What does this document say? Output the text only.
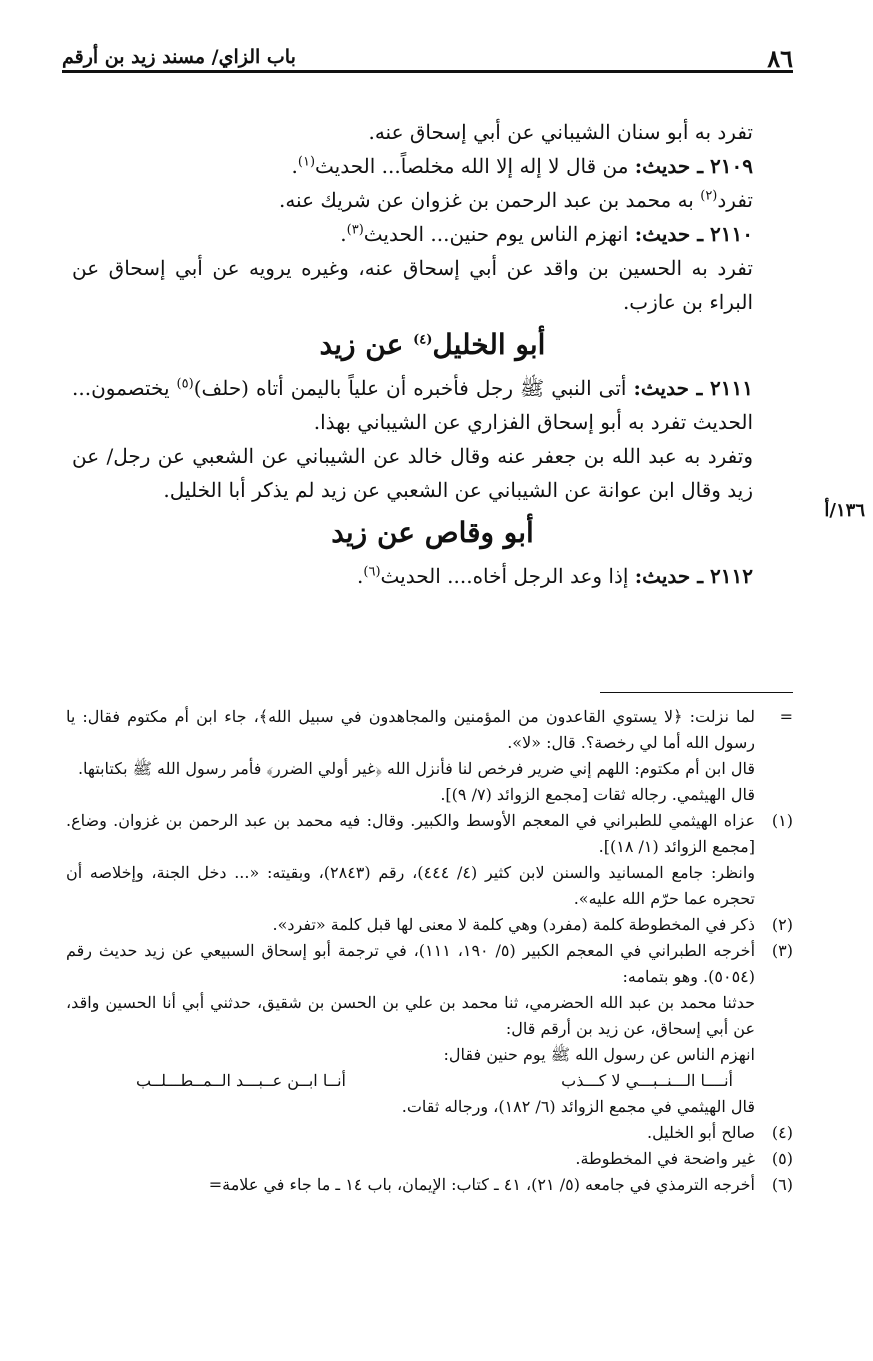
٨٦
باب الزاي/ مسند زيد بن أرقم

تفرد به أبو سنان الشيباني عن أبي إسحاق عنه.

٢١٠٩ ـ حديث: من قال لا إله إلا الله مخلصاً... الحديث$^{(١)}$.

تفرد$^{(٢)}$ به محمد بن عبد الرحمن بن غزوان عن شريك عنه.

٢١١٠ ـ حديث: انهزم الناس يوم حنين... الحديث$^{(٣)}$.

تفرد به الحسين بن واقد عن أبي إسحاق عنه، وغيره يرويه عن أبي إسحاق عن البراء بن عازب.

أبو الخليل$^{(٤)}$ عن زيد

٢١١١ ـ حديث: أتى النبي ﷺ رجل فأخبره أن علياً باليمن أتاه (حلف)$^{(٥)}$ يختصمون... الحديث تفرد به أبو إسحاق الفزاري عن الشيباني بهذا.

وتفرد به عبد الله بن جعفر عنه وقال خالد عن الشيباني عن الشعبي عن رجل/ عن زيد وقال ابن عوانة عن الشيباني عن الشعبي عن زيد لم يذكر أبا الخليل.

أبو وقاص عن زيد

٢١١٢ ـ حديث: إذا وعد الرجل أخاه.... الحديث$^{(٦)}$.

١٣٦/أ

=
لما نزلت: ﴿لا يستوي القاعدون من المؤمنين والمجاهدون في سبيل الله﴾، جاء ابن أم مكتوم فقال: يا رسول الله أما لي رخصة؟. قال: «لا».

قال ابن أم مكتوم: اللهم إني ضرير فرخص لنا فأنزل الله ﴿غير أولي الضرر﴾ فأمر رسول الله ﷺ بكتابتها.

قال الهيثمي. رجاله ثقات [مجمع الزوائد (٧/ ٩)].

(١)
عزاه الهيثمي للطبراني في المعجم الأوسط والكبير. وقال: فيه محمد بن عبد الرحمن بن غزوان. وضاع. [مجمع الزوائد (١/ ١٨)].

وانظر: جامع المسانيد والسنن لابن كثير (٤/ ٤٤٤)، رقم (٢٨٤٣)، وبقيته: «... دخل الجنة، وإخلاصه أن تحجره عما حرّم الله عليه».

(٢)
ذكر في المخطوطة كلمة (مفرد) وهي كلمة لا معنى لها قبل كلمة «تفرد».

(٣)
أخرجه الطبراني في المعجم الكبير (٥/ ١٩٠، ١١١)، في ترجمة أبو إسحاق السبيعي عن زيد حديث رقم (٥٠٥٤). وهو بتمامه:

حدثنا محمد بن عبد الله الحضرمي، ثنا محمد بن علي بن الحسن بن شقيق، حدثني أبي أنا الحسين واقد، عن أبي إسحاق، عن زيد بن أرقم قال:

انهزم الناس عن رسول الله ﷺ يوم حنين فقال:

أنــــا الـــنــبـــي لا كـــذب
أنــا ابــن عــبـــد الــمــطـــلــب

قال الهيثمي في مجمع الزوائد (٦/ ١٨٢)، ورجاله ثقات.

(٤)
صالح أبو الخليل.

(٥)
غير واضحة في المخطوطة.

(٦)
أخرجه الترمذي في جامعه (٥/ ٢١)، ٤١ ـ كتاب: الإيمان، باب ١٤ ـ ما جاء في علامة=
